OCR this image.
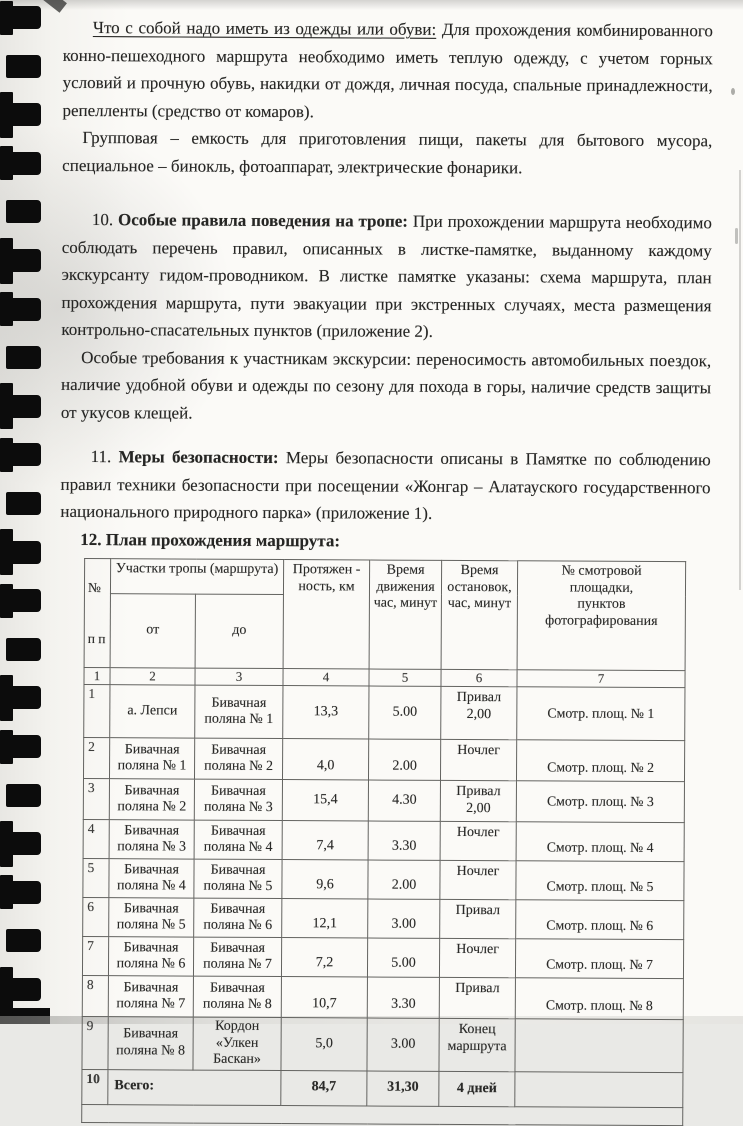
Что с собой надо иметь из одежды или обуви: Для прохождения комбинированного конно-пешеходного маршрута необходимо иметь теплую одежду, с учетом горных условий и прочную обувь, накидки от дождя, личная посуда, спальные принадлежности, репелленты (средство от комаров).

Групповая – емкость для приготовления пищи, пакеты для бытового мусора, специальное – бинокль, фотоаппарат, электрические фонарики.

10. Особые правила поведения на тропе: При прохождении маршрута необходимо соблюдать перечень правил, описанных в листке-памятке, выданному каждому экскурсанту гидом-проводником. В листке памятке указаны: схема маршрута, план прохождения маршрута, пути эвакуации при экстренных случаях, места размещения контрольно-спасательных пунктов (приложение 2).

Особые требования к участникам экскурсии: переносимость автомобильных поездок, наличие удобной обуви и одежды по сезону для похода в горы, наличие средств защиты от укусов клещей.

11. Меры безопасности: Меры безопасности описаны в Памятке по соблюдению правил техники безопасности при посещении «Жонгар – Алатауского государственного национального природного парка» (приложение 1).

12. План прохождения маршрута:

№
п п	Участки тропы (маршрута)		Протяжен -
ность, км	Время
движения
час, минут	Время
остановок,
час, минут	№ смотровой
площадки,
пунктов
фотографирования
	от	до				
1	2	3	4	5	6	7
1	а. Лепси	Бивачная
поляна № 1	13,3	5.00	Привал
2,00	Смотр. площ. № 1
2	Бивачная
поляна № 1	Бивачная
поляна № 2	4,0	2.00	Ночлег	Смотр. площ. № 2
3	Бивачная
поляна № 2	Бивачная
поляна № 3	15,4	4.30	Привал
2,00	Смотр. площ. № 3
4	Бивачная
поляна № 3	Бивачная
поляна № 4	7,4	3.30	Ночлег	Смотр. площ. № 4
5	Бивачная
поляна № 4	Бивачная
поляна № 5	9,6	2.00	Ночлег	Смотр. площ. № 5
6	Бивачная
поляна № 5	Бивачная
поляна № 6	12,1	3.00	Привал	Смотр. площ. № 6
7	Бивачная
поляна № 6	Бивачная
поляна № 7	7,2	5.00	Ночлег	Смотр. площ. № 7
8	Бивачная
поляна № 7	Бивачная
поляна № 8	10,7	3.30	Привал	Смотр. площ. № 8
9	Бивачная
поляна № 8	Кордон
«Улкен
Баскан»	5,0	3.00	Конец
маршрута	
10	Всего:		84,7	31,30	4 дней	
